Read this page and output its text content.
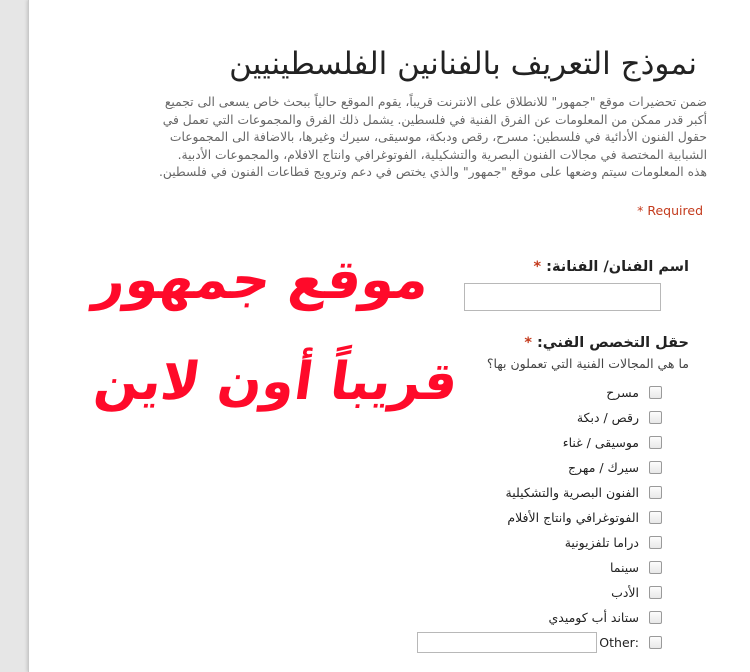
نموذج التعريف بالفنانين الفلسطينيين
ضمن تحضيرات موقع "جمهور" للانطلاق على الانترنت قريباً، يقوم الموقع حالياً ببحث خاص يسعى الى تجميع
أكبر قدر ممكن من المعلومات عن الفرق الفنية في فلسطين. يشمل ذلك الفرق والمجموعات التي تعمل في
حقول الفنون الأدائية في فلسطين: مسرح، رقص ودبكة، موسيقى، سيرك وغيرها، بالاضافة الى المجموعات
الشبابية المختصة في مجالات الفنون البصرية والتشكيلية، الفوتوغرافي وانتاج الافلام، والمجموعات الأدبية.
هذه المعلومات سيتم وضعها على موقع "جمهور" والذي يختص في دعم وترويج قطاعات الفنون في فلسطين.
* Required
اسم الفنان/ الفنانة: *
حقل التخصص الفني: *
ما هي المجالات الفنية التي تعملون بها؟
مسرح
رقص / دبكة
موسيقى / غناء
سيرك / مهرج
الفنون البصرية والتشكيلية
الفوتوغرافي وانتاج الأفلام
دراما تلفزيونية
سينما
الأدب
ستاند أب كوميدي
:Other
موقع جمهور
قريباً أون لاين
